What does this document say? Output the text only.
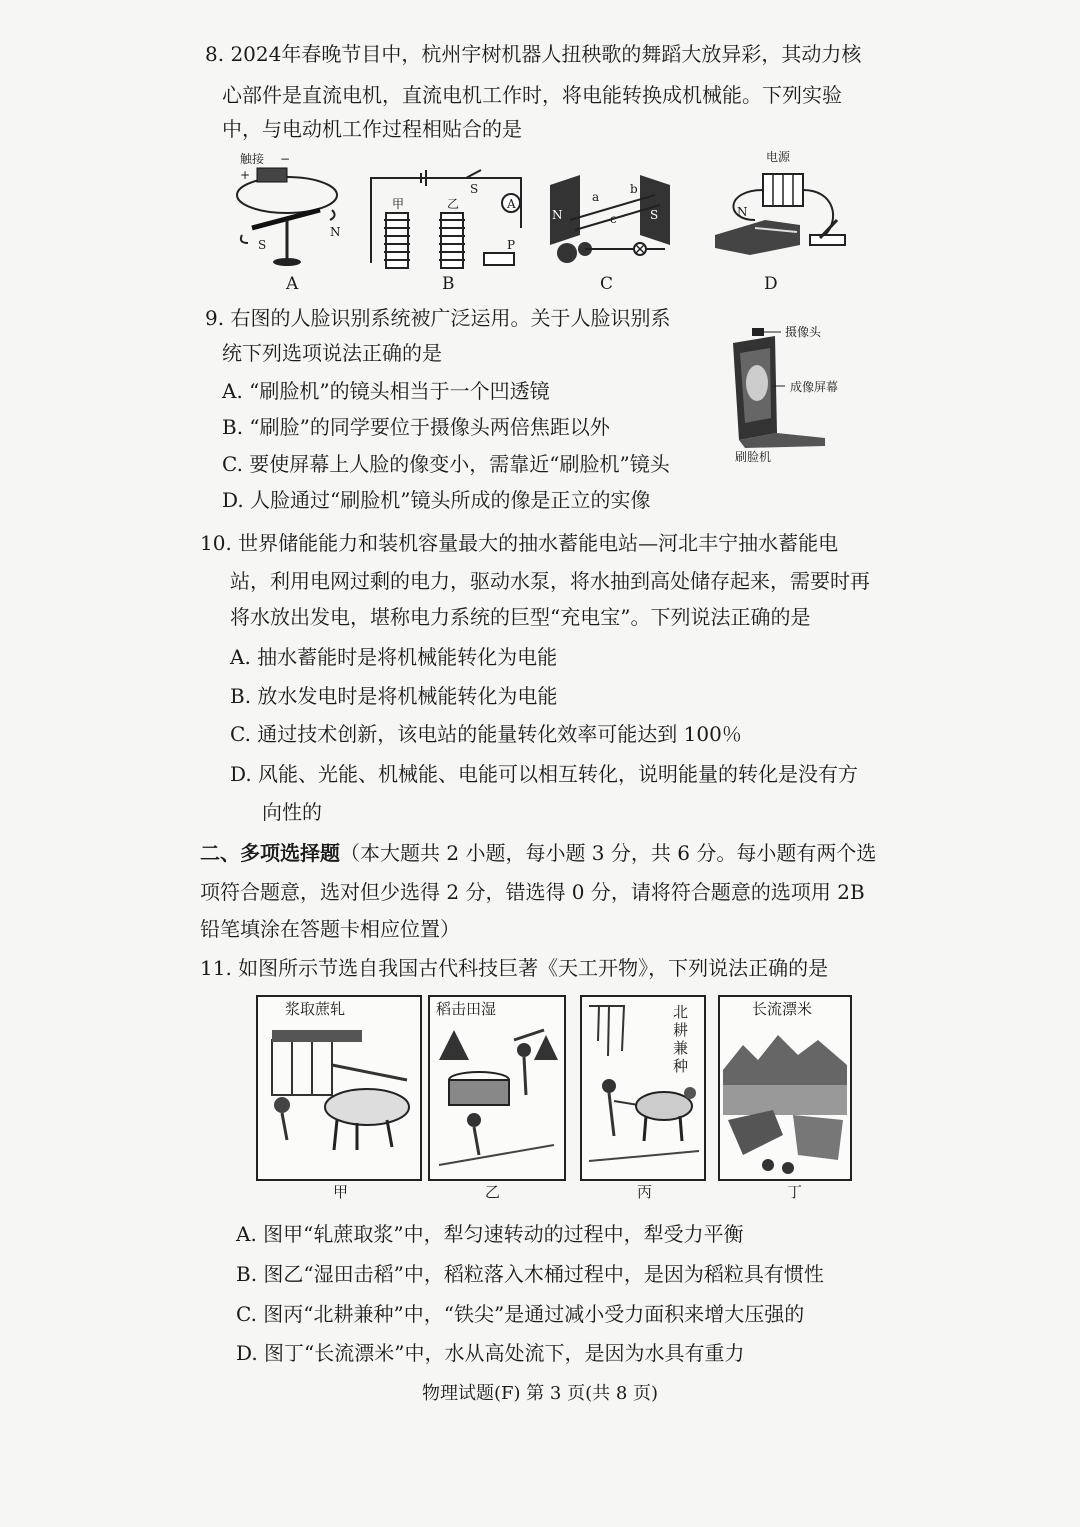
8. 2024年春晚节目中，杭州宇树机器人扭秧歌的舞蹈大放异彩，其动力核
心部件是直流电机，直流电机工作时，将电能转换成机械能。下列实验
中，与电动机工作过程相贴合的是
触接 −
+
S
N
A
甲	乙
S
A
P
B
N	S
a
b
c
C
电源
N
D
9. 右图的人脸识别系统被广泛运用。关于人脸识别系
统下列选项说法正确的是
A. “刷脸机”的镜头相当于一个凹透镜
B. “刷脸”的同学要位于摄像头两倍焦距以外
C. 要使屏幕上人脸的像变小，需靠近“刷脸机”镜头
D. 人脸通过“刷脸机”镜头所成的像是正立的实像
摄像头
成像屏幕
刷脸机
10. 世界储能能力和装机容量最大的抽水蓄能电站—河北丰宁抽水蓄能电
站，利用电网过剩的电力，驱动水泵，将水抽到高处储存起来，需要时再
将水放出发电，堪称电力系统的巨型“充电宝”。下列说法正确的是
A. 抽水蓄能时是将机械能转化为电能
B. 放水发电时是将机械能转化为电能
C. 通过技术创新，该电站的能量转化效率可能达到 100％
D. 风能、光能、机械能、电能可以相互转化，说明能量的转化是没有方
向性的
二、多项选择题（本大题共 2 小题，每小题 3 分，共 6 分。每小题有两个选
项符合题意，选对但少选得 2 分，错选得 0 分，请将符合题意的选项用 2B
铅笔填涂在答题卡相应位置）
11. 如图所示节选自我国古代科技巨著《天工开物》，下列说法正确的是
浆取蔗轧
甲
稻击田湿
乙
北耕兼种
丙
长流漂米
丁
A. 图甲“轧蔗取浆”中，犁匀速转动的过程中，犁受力平衡
B. 图乙“湿田击稻”中，稻粒落入木桶过程中，是因为稻粒具有惯性
C. 图丙“北耕兼种”中，“铁尖”是通过减小受力面积来增大压强的
D. 图丁“长流漂米”中，水从高处流下，是因为水具有重力
物理试题(F) 第 3 页(共 8 页)
